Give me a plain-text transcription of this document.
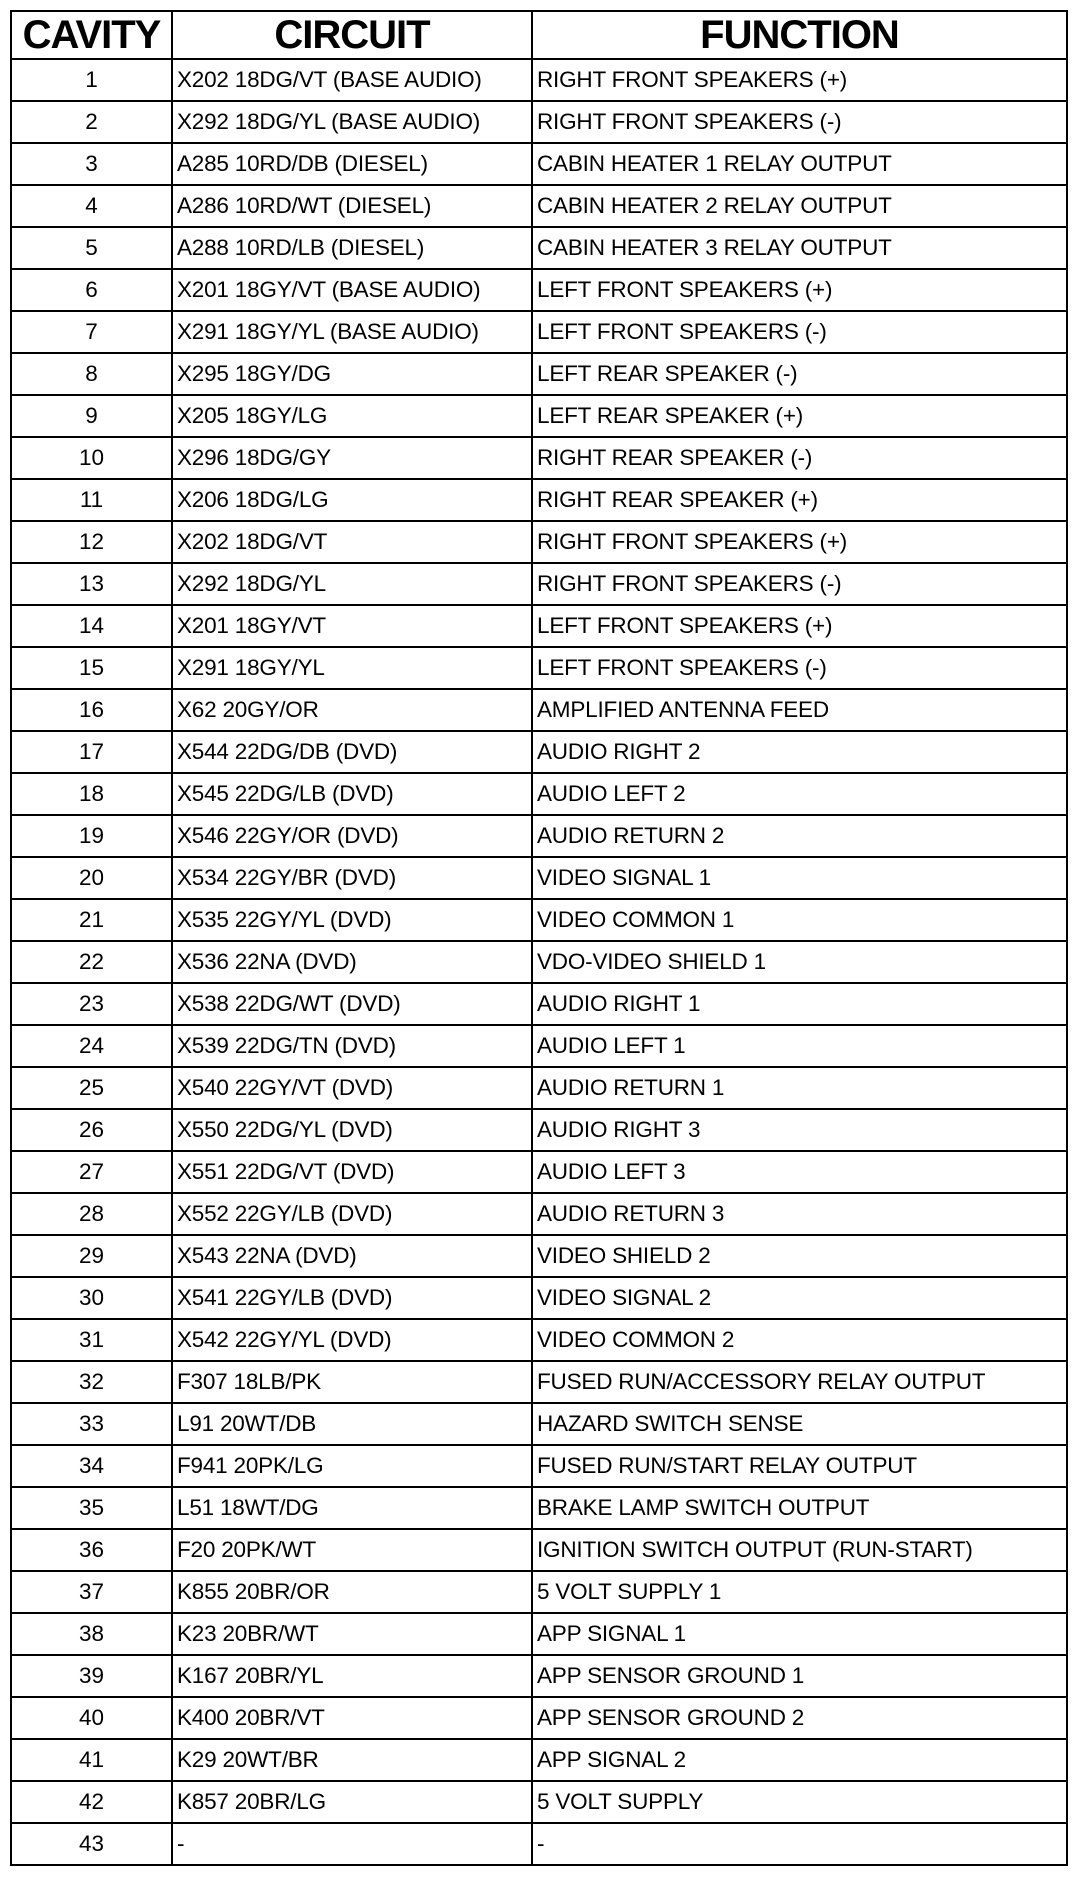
CAVITY	CIRCUIT	FUNCTION
1	X202 18DG/VT (BASE AUDIO)	RIGHT FRONT SPEAKERS (+)
2	X292 18DG/YL (BASE AUDIO)	RIGHT FRONT SPEAKERS (-)
3	A285 10RD/DB (DIESEL)	CABIN HEATER 1 RELAY OUTPUT
4	A286 10RD/WT (DIESEL)	CABIN HEATER 2 RELAY OUTPUT
5	A288 10RD/LB (DIESEL)	CABIN HEATER 3 RELAY OUTPUT
6	X201 18GY/VT (BASE AUDIO)	LEFT FRONT SPEAKERS (+)
7	X291 18GY/YL (BASE AUDIO)	LEFT FRONT SPEAKERS (-)
8	X295 18GY/DG	LEFT REAR SPEAKER (-)
9	X205 18GY/LG	LEFT REAR SPEAKER (+)
10	X296 18DG/GY	RIGHT REAR SPEAKER (-)
11	X206 18DG/LG	RIGHT REAR SPEAKER (+)
12	X202 18DG/VT	RIGHT FRONT SPEAKERS (+)
13	X292 18DG/YL	RIGHT FRONT SPEAKERS (-)
14	X201 18GY/VT	LEFT FRONT SPEAKERS (+)
15	X291 18GY/YL	LEFT FRONT SPEAKERS (-)
16	X62 20GY/OR	AMPLIFIED ANTENNA FEED
17	X544 22DG/DB (DVD)	AUDIO RIGHT 2
18	X545 22DG/LB (DVD)	AUDIO LEFT 2
19	X546 22GY/OR (DVD)	AUDIO RETURN 2
20	X534 22GY/BR (DVD)	VIDEO SIGNAL 1
21	X535 22GY/YL (DVD)	VIDEO COMMON 1
22	X536 22NA (DVD)	VDO-VIDEO SHIELD 1
23	X538 22DG/WT (DVD)	AUDIO RIGHT 1
24	X539 22DG/TN (DVD)	AUDIO LEFT 1
25	X540 22GY/VT (DVD)	AUDIO RETURN 1
26	X550 22DG/YL (DVD)	AUDIO RIGHT 3
27	X551 22DG/VT (DVD)	AUDIO LEFT 3
28	X552 22GY/LB (DVD)	AUDIO RETURN 3
29	X543 22NA (DVD)	VIDEO SHIELD 2
30	X541 22GY/LB (DVD)	VIDEO SIGNAL 2
31	X542 22GY/YL (DVD)	VIDEO COMMON 2
32	F307 18LB/PK	FUSED RUN/ACCESSORY RELAY OUTPUT
33	L91 20WT/DB	HAZARD SWITCH SENSE
34	F941 20PK/LG	FUSED RUN/START RELAY OUTPUT
35	L51 18WT/DG	BRAKE LAMP SWITCH OUTPUT
36	F20 20PK/WT	IGNITION SWITCH OUTPUT (RUN-START)
37	K855 20BR/OR	5 VOLT SUPPLY 1
38	K23 20BR/WT	APP SIGNAL 1
39	K167 20BR/YL	APP SENSOR GROUND 1
40	K400 20BR/VT	APP SENSOR GROUND 2
41	K29 20WT/BR	APP SIGNAL 2
42	K857 20BR/LG	5 VOLT SUPPLY
43	-	-
